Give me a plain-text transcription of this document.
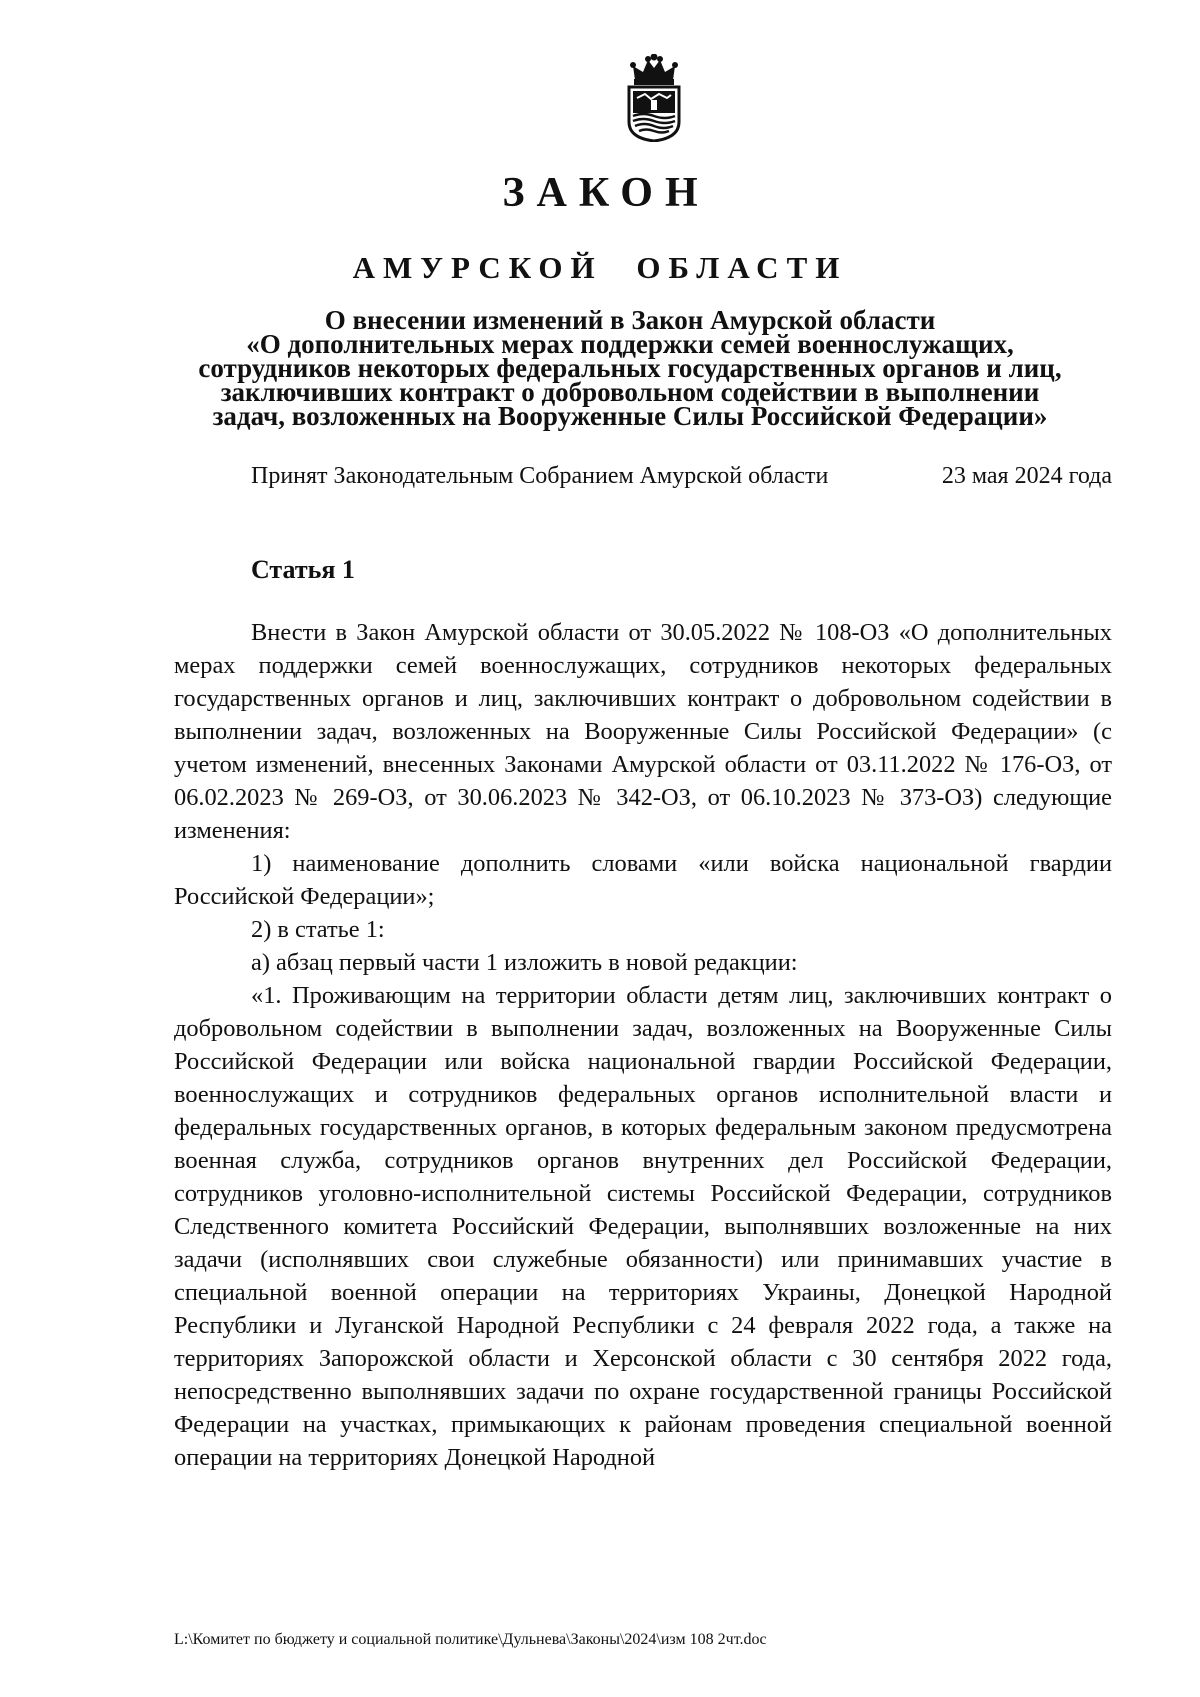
ЗАКОН
АМУРСКОЙ ОБЛАСТИ
О внесении изменений в Закон Амурской области
«О дополнительных мерах поддержки семей военнослужащих,
сотрудников некоторых федеральных государственных органов и лиц,
заключивших контракт о добровольном содействии в выполнении
задач, возложенных на Вооруженные Силы Российской Федерации»
Принят Законодательным Собранием Амурской области	23 мая 2024 года
Статья 1

Внести в Закон Амурской области от 30.05.2022 № 108-ОЗ «О дополнительных мерах поддержки семей военнослужащих, сотрудников некоторых федеральных государственных органов и лиц, заключивших контракт о добровольном содействии в выполнении задач, возложенных на Вооруженные Силы Российской Федерации» (с учетом изменений, внесенных Законами Амурской области от 03.11.2022 № 176-ОЗ, от 06.02.2023 № 269-ОЗ, от 30.06.2023 № 342-ОЗ, от 06.10.2023 № 373-ОЗ) следующие изменения:

1) наименование дополнить словами «или войска национальной гвардии Российской Федерации»;

2) в статье 1:

а) абзац первый части 1 изложить в новой редакции:

«1. Проживающим на территории области детям лиц, заключивших контракт о добровольном содействии в выполнении задач, возложенных на Вооруженные Силы Российской Федерации или войска национальной гвардии Российской Федерации, военнослужащих и сотрудников федеральных органов исполнительной власти и федеральных государственных органов, в которых федеральным законом предусмотрена военная служба, сотрудников органов внутренних дел Российской Федерации, сотрудников уголовно-исполнительной системы Российской Федерации, сотрудников Следственного комитета Российский Федерации, выполнявших возложенные на них задачи (исполнявших свои служебные обязанности) или принимавших участие в специальной военной операции на территориях Украины, Донецкой Народной Республики и Луганской Народной Республики с 24 февраля 2022 года, а также на территориях Запорожской области и Херсонской области с 30 сентября 2022 года, непосредственно выполнявших задачи по охране государственной границы Российской Федерации на участках, примыкающих к районам проведения специальной военной операции на территориях Донецкой Народной

L:\Комитет по бюджету и социальной политике\Дульнева\Законы\2024\изм 108 2чт.doc
